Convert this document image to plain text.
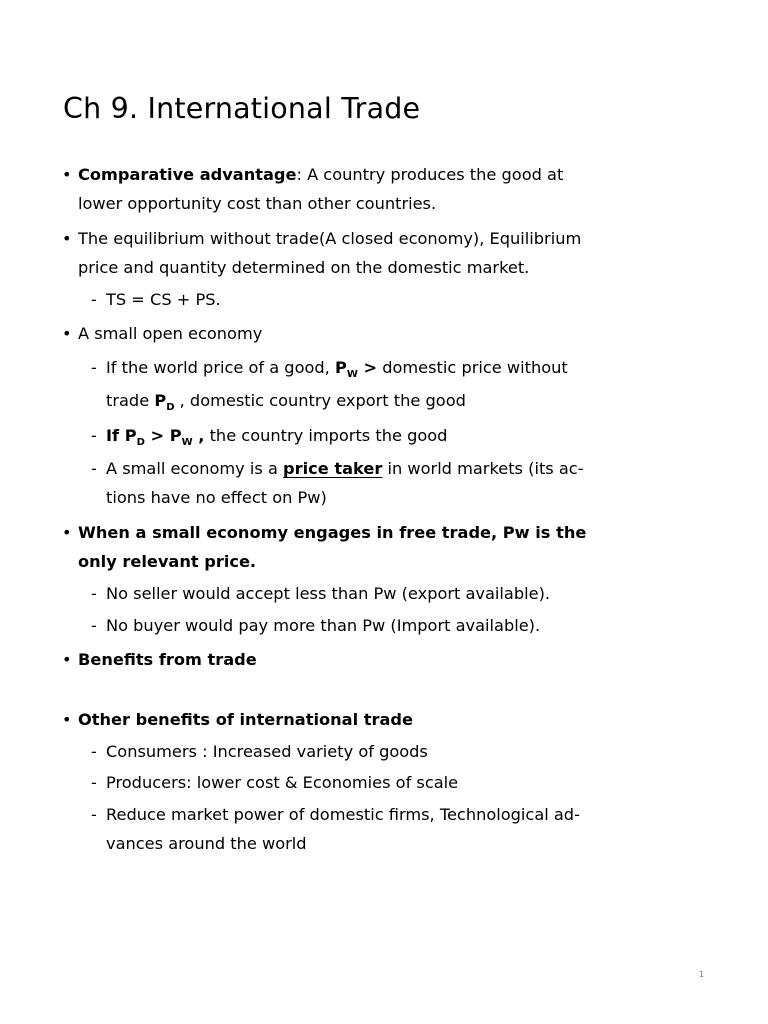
Ch 9. International Trade
• Comparative advantage: A country produces the good at
lower opportunity cost than other countries.
• The equilibrium without trade(A closed economy), Equilibrium
price and quantity determined on the domestic market.
- TS = CS + PS.
• A small open economy
- If the world price of a good, $P_W$ > domestic price without
trade $P_D$ , domestic country export the good
- If $P_D > P_W$ , the country imports the good
- A small economy is a price taker in world markets (its ac-
tions have no effect on Pw)
• When a small economy engages in free trade, Pw is the
only relevant price.
- No seller would accept less than Pw (export available).
- No buyer would pay more than Pw (Import available).
• Benefits from trade
• Other benefits of international trade
- Consumers : Increased variety of goods
- Producers: lower cost & Economies of scale
- Reduce market power of domestic firms, Technological ad-
vances around the world
1
